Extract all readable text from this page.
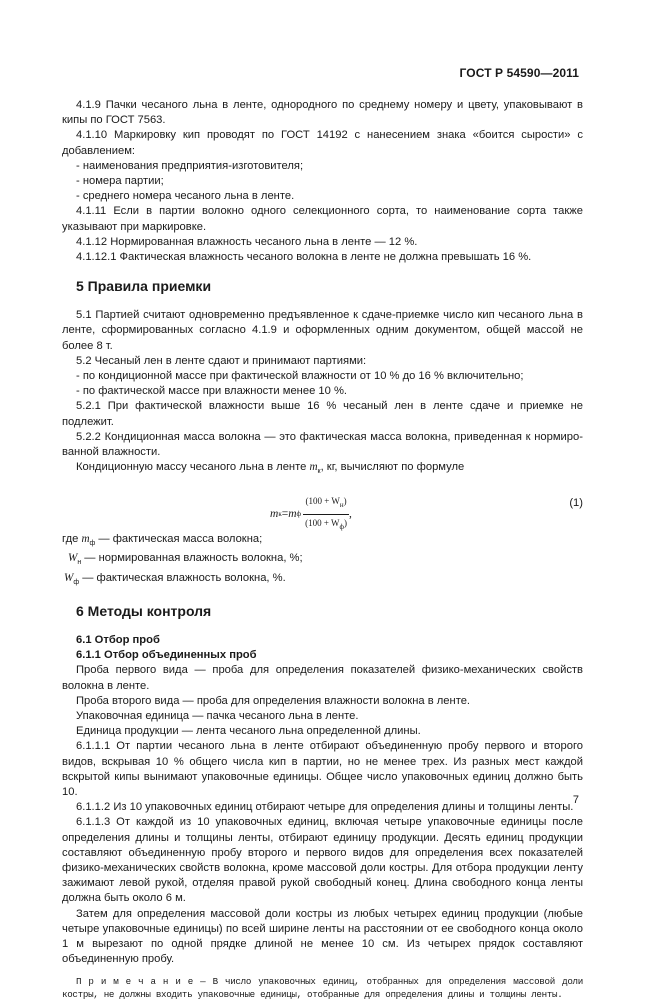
ГОСТ Р 54590—2011

4.1.9 Пачки чесаного льна в ленте, однородного по среднему номеру и цвету, упаковывают в кипы по ГОСТ 7563.

4.1.10 Маркировку кип проводят по ГОСТ 14192 с нанесением знака «боится сырости» с добавлением:

- наименования предприятия-изготовителя;

- номера партии;

- среднего номера чесаного льна в ленте.

4.1.11 Если в партии волокно одного селекционного сорта, то наименование сорта также указывают при маркировке.

4.1.12 Нормированная влажность чесаного льна в ленте — 12 %.

4.1.12.1 Фактическая влажность чесаного волокна в ленте не должна превышать 16 %.

5 Правила приемки

5.1 Партией считают одновременно предъявленное к сдаче-приемке число кип чесаного льна в ленте, сформированных согласно 4.1.9 и оформленных одним документом, общей массой не более 8 т.

5.2 Чесаный лен в ленте сдают и принимают партиями:

- по кондиционной массе при фактической влажности от 10 % до 16 % включительно;

- по фактической массе при влажности менее 10 %.

5.2.1 При фактической влажности выше 16 % чесаный лен в ленте сдаче и приемке не подлежит.

5.2.2 Кондиционная масса волокна — это фактическая масса волокна, приведенная к нормированной влажности.

Кондиционную массу чесаного льна в ленте $m_к$, кг, вычисляют по формуле

m к = m ф $\frac{(100 + W_н)}{(100 + W_ф)}$ ,
(1)

где $m_ф$ — фактическая масса волокна;

$W_н$ — нормированная влажность волокна, %;

$W_ф$ — фактическая влажность волокна, %.

6 Методы контроля

6.1 Отбор проб

6.1.1 Отбор объединенных проб

Проба первого вида — проба для определения показателей физико-механических свойств волокна в ленте.

Проба второго вида — проба для определения влажности волокна в ленте.

Упаковочная единица — пачка чесаного льна в ленте.

Единица продукции — лента чесаного льна определенной длины.

6.1.1.1 От партии чесаного льна в ленте отбирают объединенную пробу первого и второго видов, вскрывая 10 % общего числа кип в партии, но не менее трех. Из разных мест каждой вскрытой кипы вынимают упаковочные единицы. Общее число упаковочных единиц должно быть 10.

6.1.1.2 Из 10 упаковочных единиц отбирают четыре для определения длины и толщины ленты.

6.1.1.3 От каждой из 10 упаковочных единиц, включая четыре упаковочные единицы после определения длины и толщины ленты, отбирают единицу продукции. Десять единиц продукции составляют объединенную пробу второго и первого видов для определения всех показателей физико-механических свойств волокна, кроме массовой доли костры. Для отбора продукции ленту зажимают левой рукой, отделяя правой рукой свободный конец. Длина свободного конца ленты должна быть около 6 м.

Затем для определения массовой доли костры из любых четырех единиц продукции (любые четыре упаковочные единицы) по всей ширине ленты на расстоянии от ее свободного конца около 1 м вырезают по одной прядке длиной не менее 10 см. Из четырех прядок составляют объединенную пробу.

П р и м е ч а н и е — В число упаковочных единиц, отобранных для определения массовой доли костры, не должны входить упаковочные единицы, отобранные для определения длины и толщины ленты.

7
